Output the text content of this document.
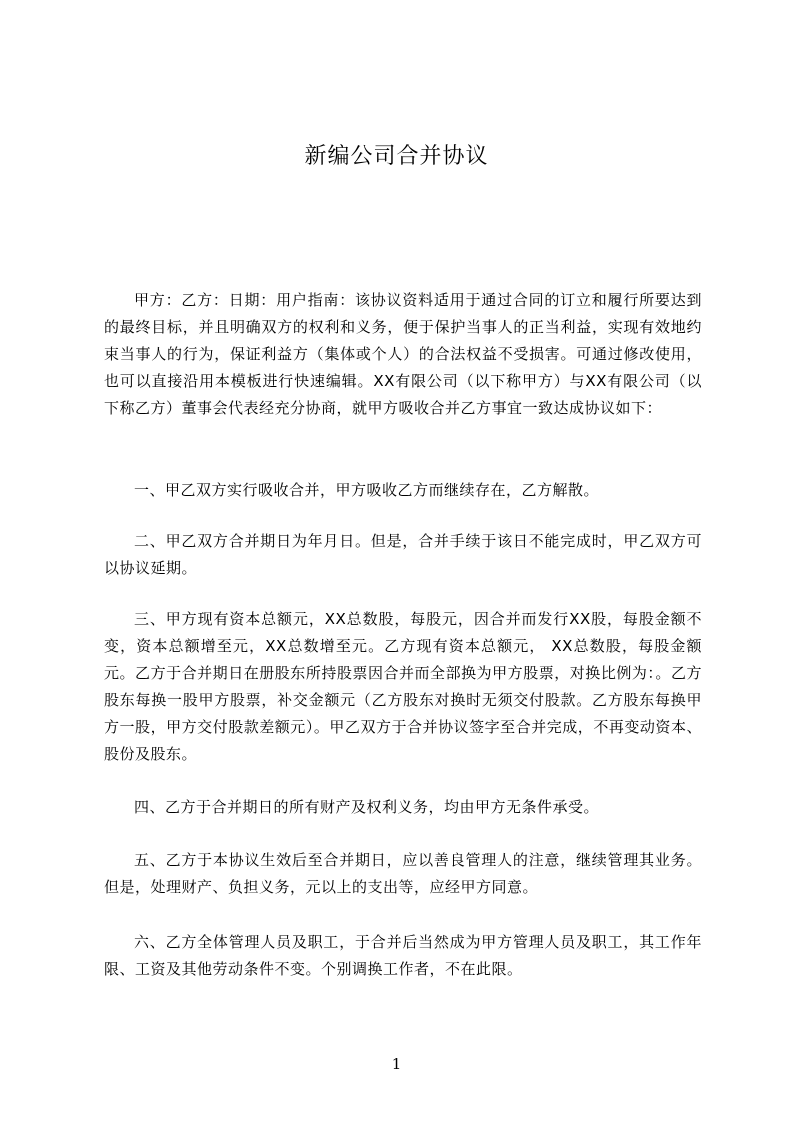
新编公司合并协议
甲方：乙方：日期：用户指南：该协议资料适用于通过合同的订立和履行所要达到的最终目标，并且明确双方的权利和义务，便于保护当事人的正当利益，实现有效地约束当事人的行为，保证利益方（集体或个人）的合法权益不受损害。可通过修改使用，也可以直接沿用本模板进行快速编辑。XX有限公司（以下称甲方）与XX有限公司（以下称乙方）董事会代表经充分协商，就甲方吸收合并乙方事宜一致达成协议如下：
一、甲乙双方实行吸收合并，甲方吸收乙方而继续存在，乙方解散。
二、甲乙双方合并期日为年月日。但是，合并手续于该日不能完成时，甲乙双方可以协议延期。
三、甲方现有资本总额元，XX总数股，每股元，因合并而发行XX股，每股金额不变，资本总额增至元，XX总数增至元。乙方现有资本总额元， XX总数股，每股金额元。乙方于合并期日在册股东所持股票因合并而全部换为甲方股票，对换比例为：。乙方股东每换一股甲方股票，补交金额元（乙方股东对换时无须交付股款。乙方股东每换甲方一股，甲方交付股款差额元）。甲乙双方于合并协议签字至合并完成，不再变动资本、股份及股东。
四、乙方于合并期日的所有财产及权利义务，均由甲方无条件承受。
五、乙方于本协议生效后至合并期日，应以善良管理人的注意，继续管理其业务。但是，处理财产、负担义务，元以上的支出等，应经甲方同意。
六、乙方全体管理人员及职工，于合并后当然成为甲方管理人员及职工，其工作年限、工资及其他劳动条件不变。个别调换工作者，不在此限。
1
